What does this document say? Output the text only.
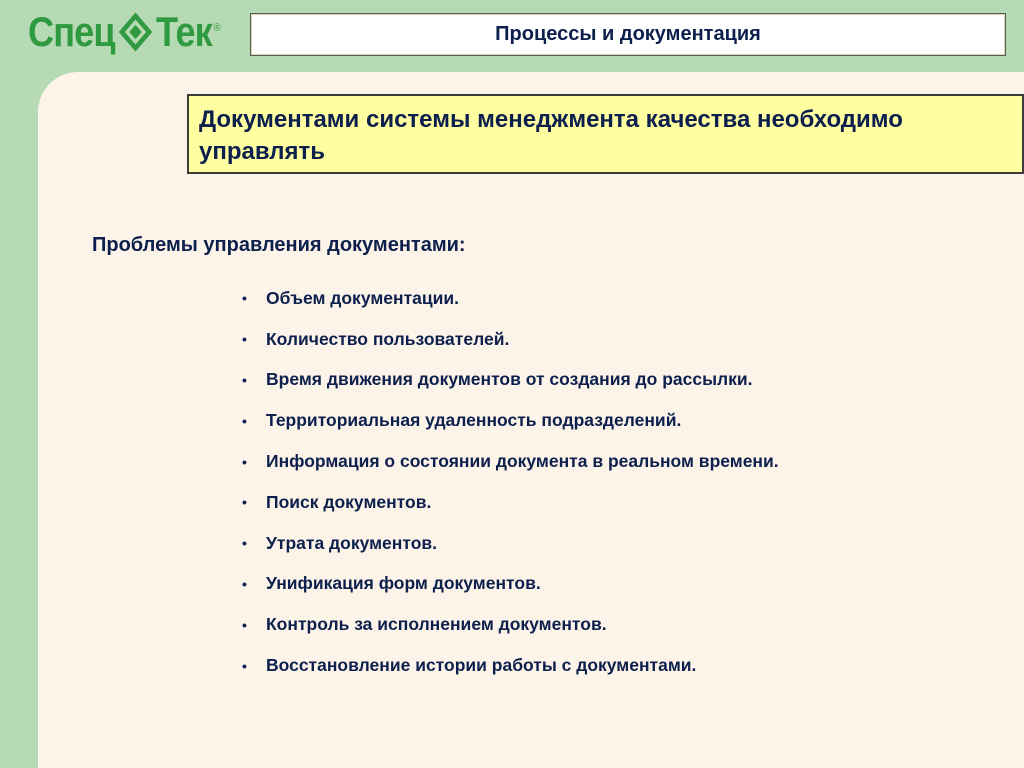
Спец Тек ®	Процессы и документация
Документами системы менеджмента качества необходимо управлять
Проблемы управления документами:
•	Объем документации.
•	Количество пользователей.
•	Время движения документов от создания до рассылки.
•	Территориальная удаленность подразделений.
•	Информация о состоянии документа в реальном времени.
•	Поиск документов.
•	Утрата документов.
•	Унификация форм документов.
•	Контроль за исполнением документов.
•	Восстановление истории работы с документами.
